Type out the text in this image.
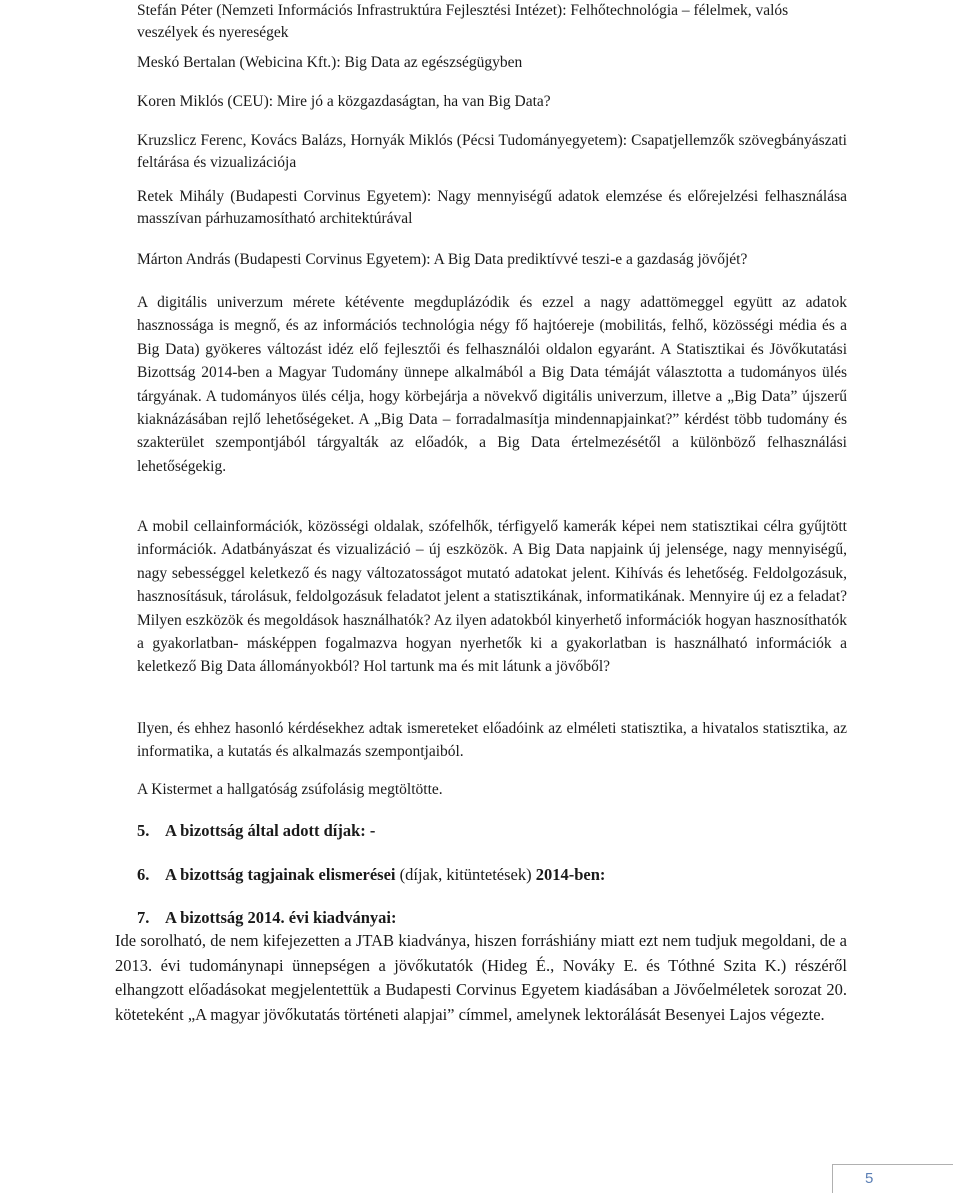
Stefán Péter (Nemzeti Információs Infrastruktúra Fejlesztési Intézet): Felhőtechnológia – félelmek, valós veszélyek és nyereségek

Meskó Bertalan (Webicina Kft.): Big Data az egészségügyben

Koren Miklós (CEU): Mire jó a közgazdaságtan, ha van Big Data?

Kruzslicz Ferenc, Kovács Balázs, Hornyák Miklós (Pécsi Tudományegyetem): Csapatjellemzők szövegbányászati feltárása és vizualizációja

Retek Mihály (Budapesti Corvinus Egyetem): Nagy mennyiségű adatok elemzése és előrejelzési felhasználása masszívan párhuzamosítható architektúrával

Márton András (Budapesti Corvinus Egyetem): A Big Data prediktívvé teszi-e a gazdaság jövőjét?

A digitális univerzum mérete kétévente megduplázódik és ezzel a nagy adattömeggel együtt az adatok hasznossága is megnő, és az információs technológia négy fő hajtóereje (mobilitás, felhő, közösségi média és a Big Data) gyökeres változást idéz elő fejlesztői és felhasználói oldalon egyaránt. A Statisztikai és Jövőkutatási Bizottság 2014-ben a Magyar Tudomány ünnepe alkalmából a Big Data témáját választotta a tudományos ülés tárgyának. A tudományos ülés célja, hogy körbejárja a növekvő digitális univerzum, illetve a „Big Data” újszerű kiaknázásában rejlő lehetőségeket. A „Big Data – forradalmasítja mindennapjainkat?” kérdést több tudomány és szakterület szempontjából tárgyalták az előadók, a Big Data értelmezésétől a különböző felhasználási lehetőségekig.

A mobil cellainformációk, közösségi oldalak, szófelhők, térfigyelő kamerák képei nem statisztikai célra gyűjtött információk. Adatbányászat és vizualizáció – új eszközök. A Big Data napjaink új jelensége, nagy mennyiségű, nagy sebességgel keletkező és nagy változatosságot mutató adatokat jelent. Kihívás és lehetőség. Feldolgozásuk, hasznosításuk, tárolásuk, feldolgozásuk feladatot jelent a statisztikának, informatikának. Mennyire új ez a feladat? Milyen eszközök és megoldások használhatók? Az ilyen adatokból kinyerhető információk hogyan hasznosíthatók a gyakorlatban- másképpen fogalmazva hogyan nyerhetők ki a gyakorlatban is használható információk a keletkező Big Data állományokból? Hol tartunk ma és mit látunk a jövőből?

Ilyen, és ehhez hasonló kérdésekhez adtak ismereteket előadóink az elméleti statisztika, a hivatalos statisztika, az informatika, a kutatás és alkalmazás szempontjaiból.

A Kistermet a hallgatóság zsúfolásig megtöltötte.

5. A bizottság által adott díjak: -

6. A bizottság tagjainak elismerései (díjak, kitüntetések) 2014-ben:

7. A bizottság 2014. évi kiadványai:

Ide sorolható, de nem kifejezetten a JTAB kiadványa, hiszen forráshiány miatt ezt nem tudjuk megoldani, de a 2013. évi tudománynapi ünnepségen a jövőkutatók (Hideg É., Nováky E. és Tóthné Szita K.) részéről elhangzott előadásokat megjelentettük a Budapesti Corvinus Egyetem kiadásában a Jövőelméletek sorozat 20. köteteként „A magyar jövőkutatás történeti alapjai” címmel, amelynek lektorálását Besenyei Lajos végezte.

5
